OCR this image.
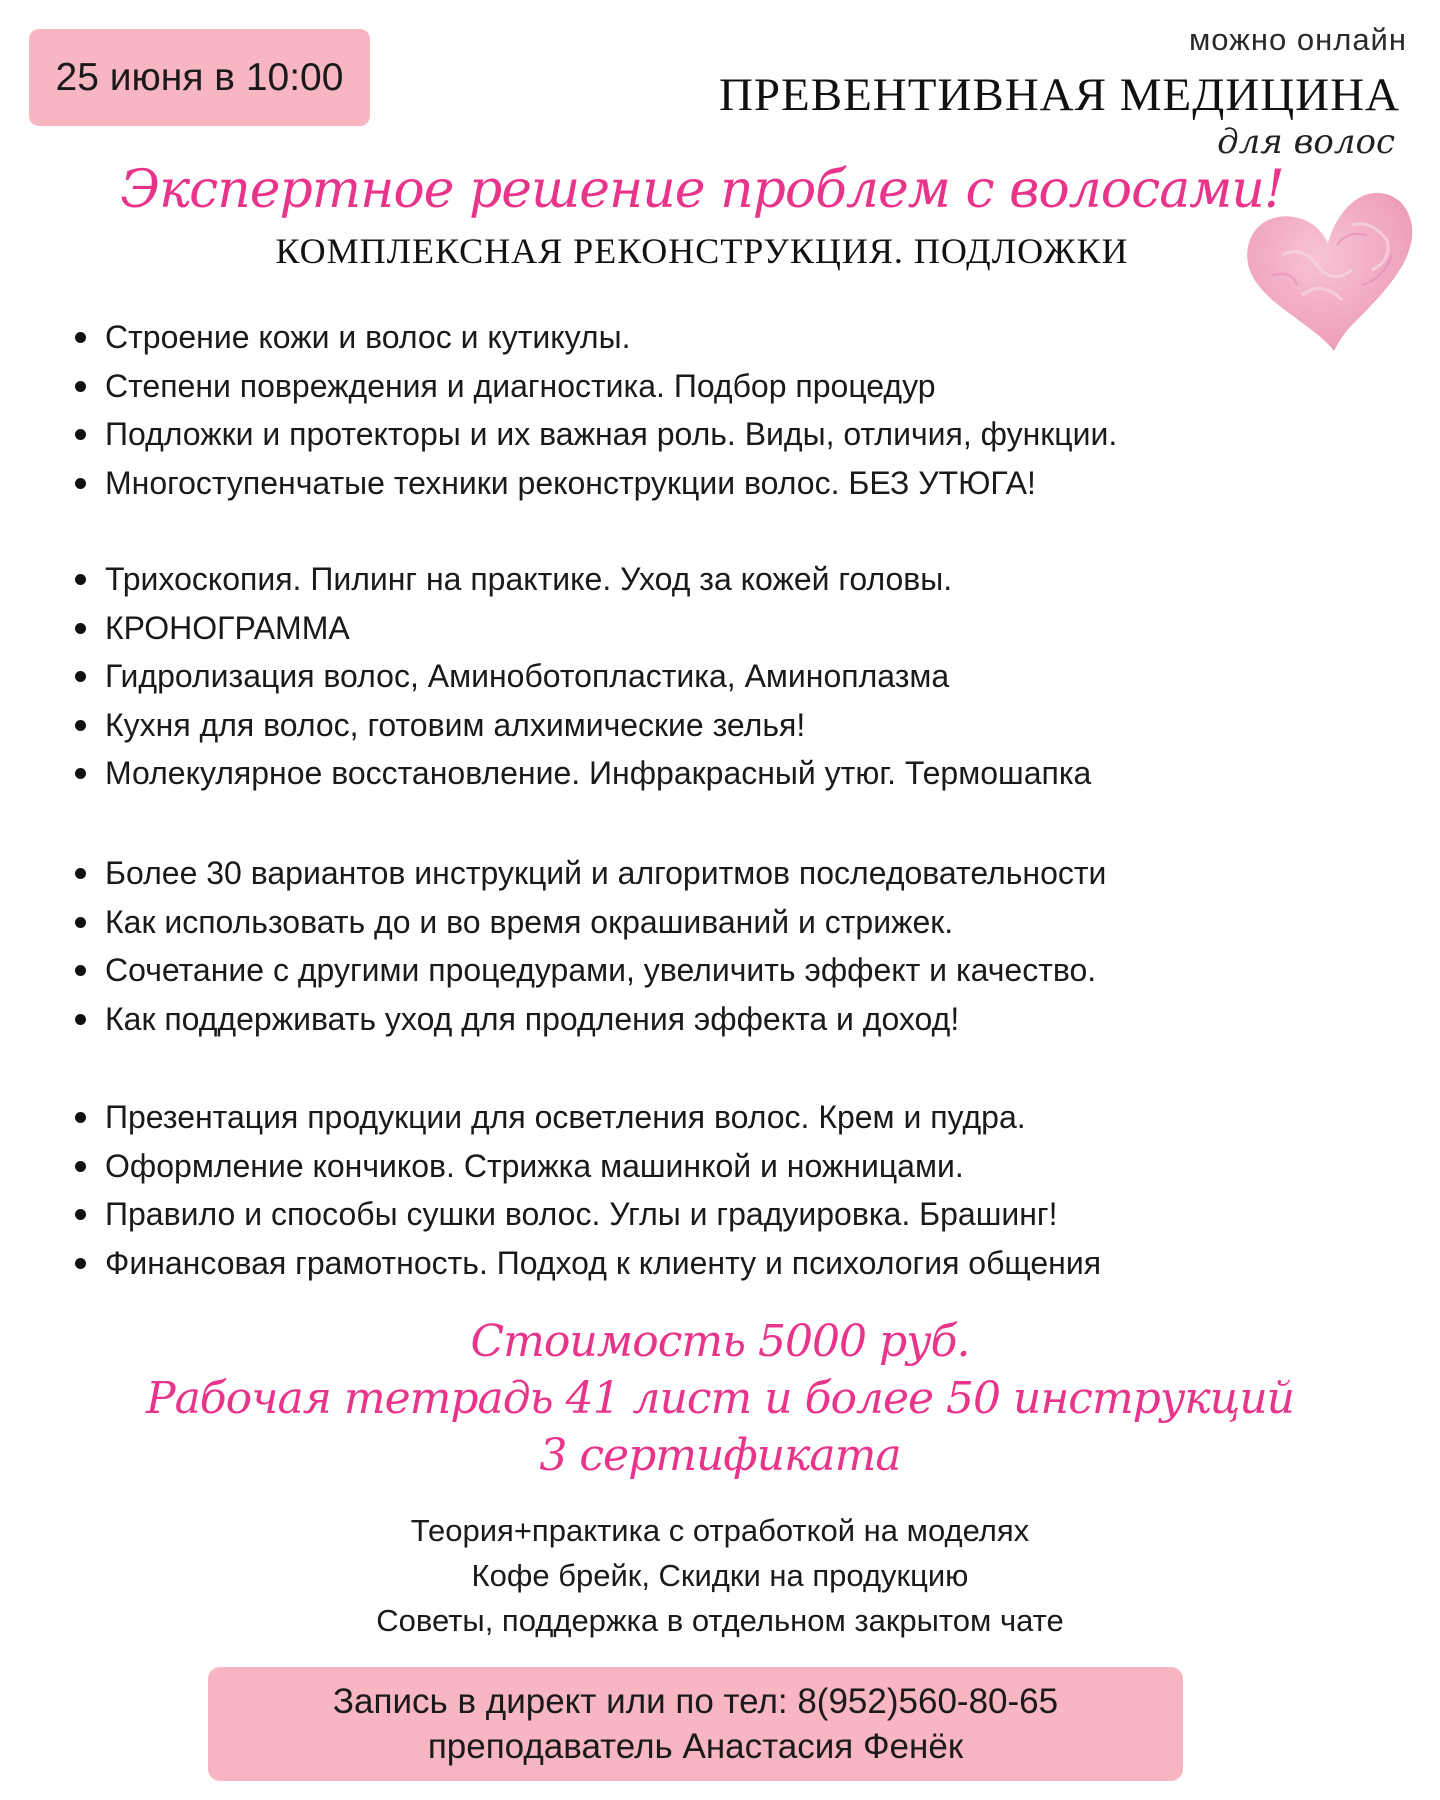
25 июня в 10:00
можно онлайн
ПРЕВЕНТИВНАЯ МЕДИЦИНА
для волос
Экспертное решение проблем с волосами!
КОМПЛЕКСНАЯ РЕКОНСТРУКЦИЯ. ПОДЛОЖКИ
Строение кожи и волос и кутикулы.
Степени повреждения и диагностика. Подбор процедур
Подложки и протекторы и их важная роль. Виды, отличия, функции.
Многоступенчатые техники реконструкции волос. БЕЗ УТЮГА!
Трихоскопия. Пилинг на практике. Уход за кожей головы.
КРОНОГРАММА
Гидролизация волос, Аминоботопластика, Аминоплазма
Кухня для волос, готовим алхимические зелья!
Молекулярное восстановление. Инфракрасный утюг. Термошапка
Более 30 вариантов инструкций и алгоритмов последовательности
Как использовать до и во время окрашиваний и стрижек.
Сочетание с другими процедурами, увеличить эффект и качество.
Как поддерживать уход для продления эффекта и доход!
Презентация продукции для осветления волос. Крем и пудра.
Оформление кончиков. Стрижка машинкой и ножницами.
Правило и способы сушки волос. Углы и градуировка. Брашинг!
Финансовая грамотность. Подход к клиенту и психология общения
Стоимость 5000 руб.
Рабочая тетрадь 41 лист и более 50 инструкций
3 сертификата
Теория+практика с отработкой на моделях
Кофе брейк, Скидки на продукцию
Советы, поддержка в отдельном закрытом чате
Запись в директ или по тел: 8(952)560-80-65
преподаватель Анастасия Фенёк
